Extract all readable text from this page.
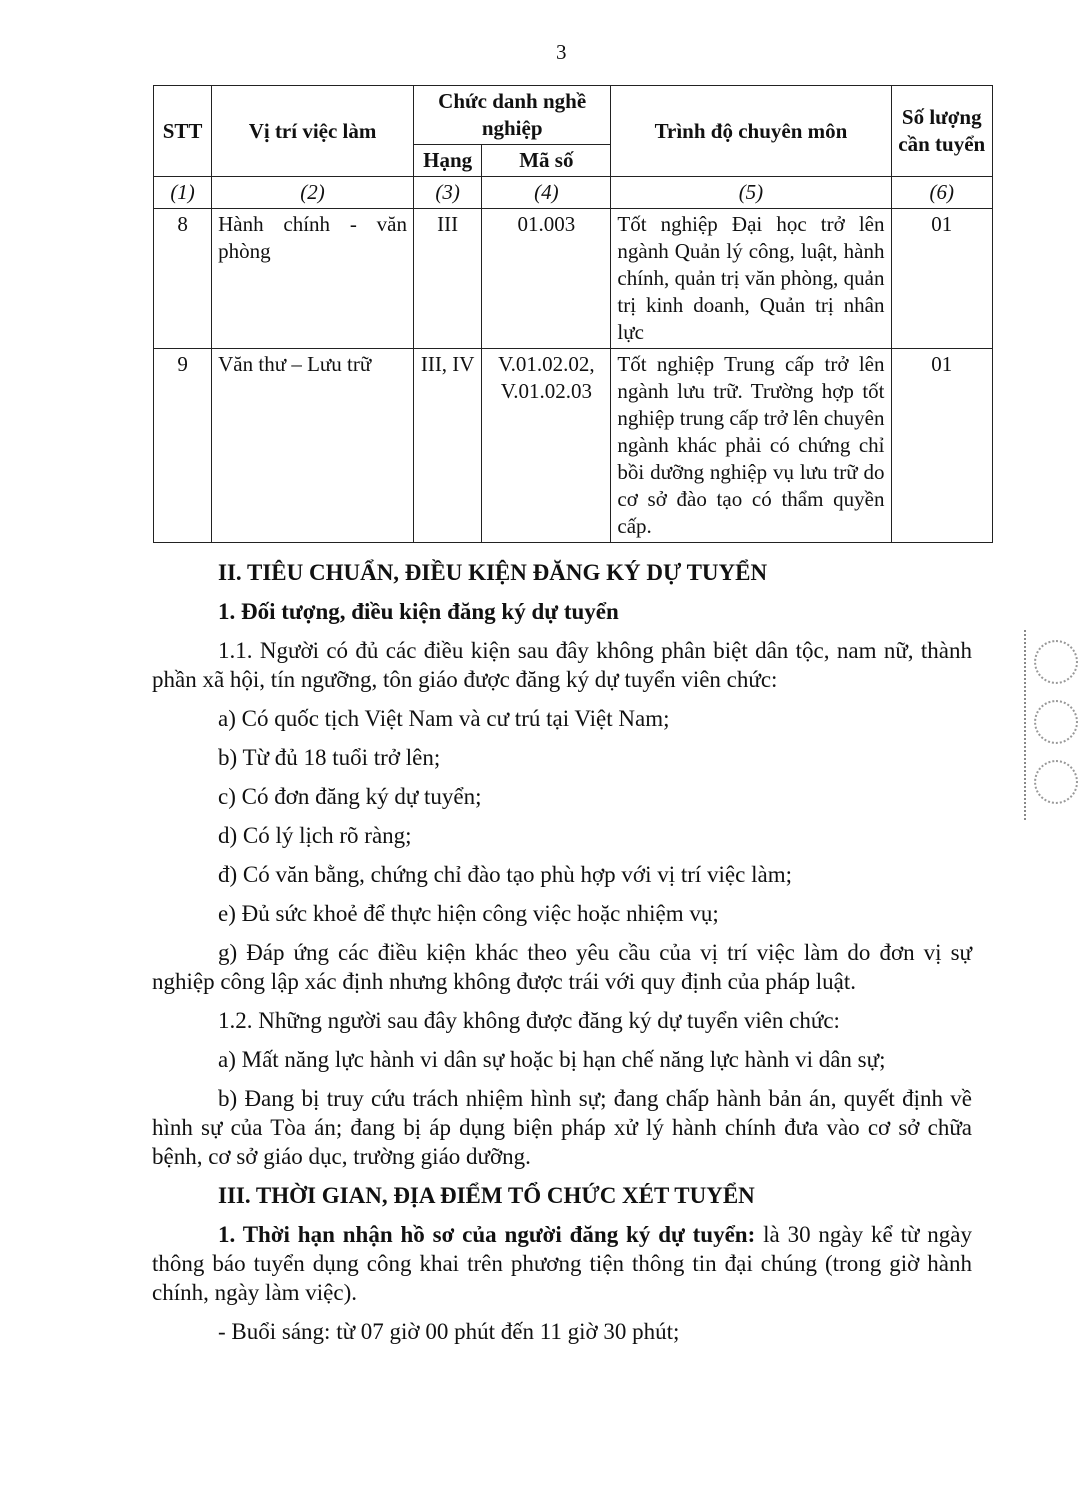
3
STT	Vị trí việc làm	Chức danh nghề nghiệp		Trình độ chuyên môn	Số lượng cần tuyển
		Hạng	Mã số		
(1)	(2)	(3)	(4)	(5)	(6)
8	Hành chính - văn phòng	III	01.003	Tốt nghiệp Đại học trở lên ngành Quản lý công, luật, hành chính, quản trị văn phòng, quản trị kinh doanh, Quản trị nhân lực	01
9	Văn thư – Lưu trữ	III, IV	V.01.02.02, V.01.02.03	Tốt nghiệp Trung cấp trở lên ngành lưu trữ. Trường hợp tốt nghiệp trung cấp trở lên chuyên ngành khác phải có chứng chỉ bồi dưỡng nghiệp vụ lưu trữ do cơ sở đào tạo có thẩm quyền cấp.	01
II. TIÊU CHUẨN, ĐIỀU KIỆN ĐĂNG KÝ DỰ TUYỂN

1. Đối tượng, điều kiện đăng ký dự tuyển

1.1. Người có đủ các điều kiện sau đây không phân biệt dân tộc, nam nữ, thành phần xã hội, tín ngưỡng, tôn giáo được đăng ký dự tuyển viên chức:

a) Có quốc tịch Việt Nam và cư trú tại Việt Nam;

b) Từ đủ 18 tuổi trở lên;

c) Có đơn đăng ký dự tuyển;

d) Có lý lịch rõ ràng;

đ) Có văn bằng, chứng chỉ đào tạo phù hợp với vị trí việc làm;

e) Đủ sức khoẻ để thực hiện công việc hoặc nhiệm vụ;

g) Đáp ứng các điều kiện khác theo yêu cầu của vị trí việc làm do đơn vị sự nghiệp công lập xác định nhưng không được trái với quy định của pháp luật.

1.2. Những người sau đây không được đăng ký dự tuyển viên chức:

a) Mất năng lực hành vi dân sự hoặc bị hạn chế năng lực hành vi dân sự;

b) Đang bị truy cứu trách nhiệm hình sự; đang chấp hành bản án, quyết định về hình sự của Tòa án; đang bị áp dụng biện pháp xử lý hành chính đưa vào cơ sở chữa bệnh, cơ sở giáo dục, trường giáo dưỡng.

III. THỜI GIAN, ĐỊA ĐIỂM TỔ CHỨC XÉT TUYỂN

1. Thời hạn nhận hồ sơ của người đăng ký dự tuyển: là 30 ngày kể từ ngày thông báo tuyển dụng công khai trên phương tiện thông tin đại chúng (trong giờ hành chính, ngày làm việc).

- Buổi sáng: từ 07 giờ 00 phút đến 11 giờ 30 phút;
